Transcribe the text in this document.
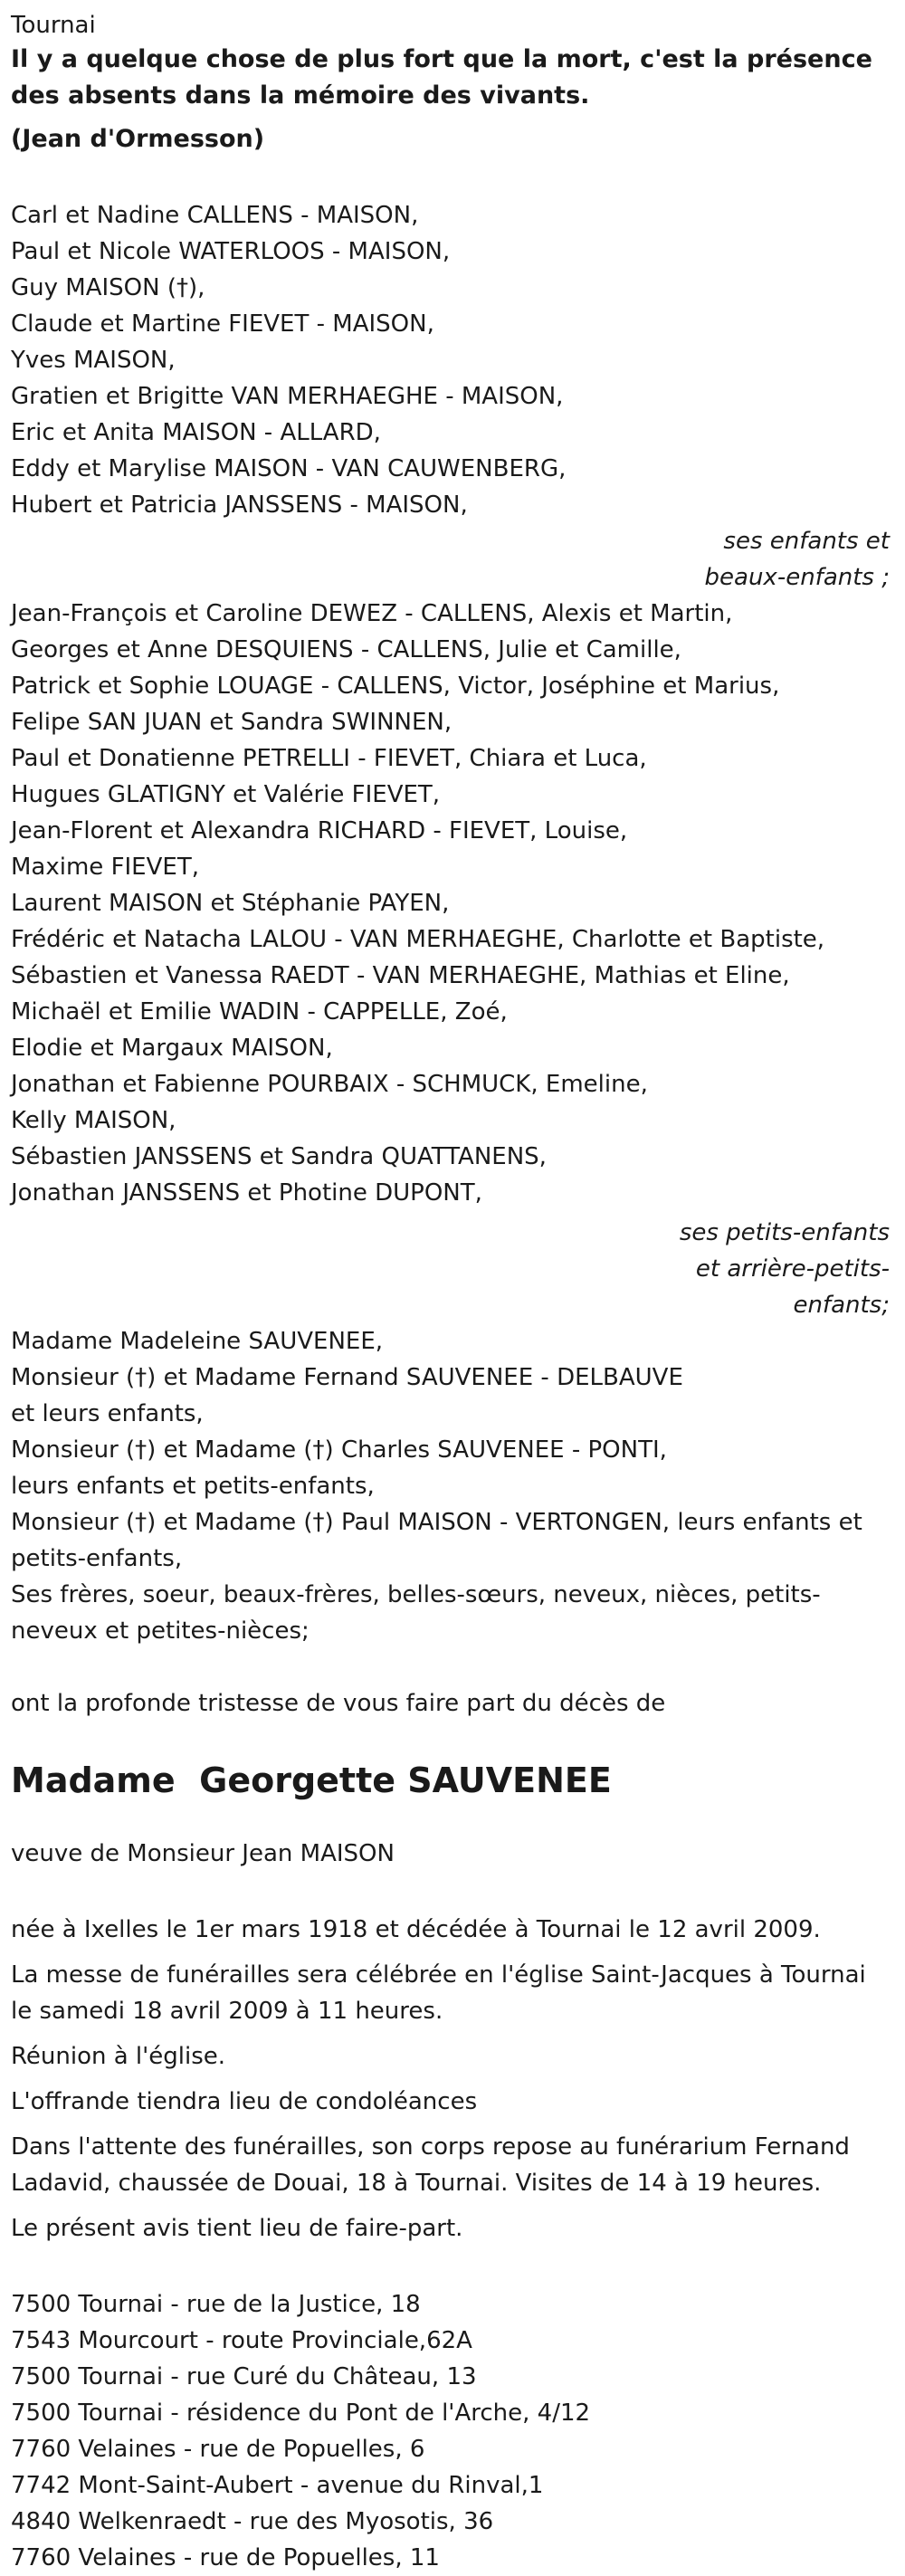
Tournai
Il y a quelque chose de plus fort que la mort, c'est la présence des absents dans la mémoire des vivants.
(Jean d'Ormesson)
Carl et Nadine CALLENS - MAISON,
Paul et Nicole WATERLOOS - MAISON,
Guy MAISON (†),
Claude et Martine FIEVET - MAISON,
Yves MAISON,
Gratien et Brigitte VAN MERHAEGHE - MAISON,
Eric et Anita MAISON - ALLARD,
Eddy et Marylise MAISON - VAN CAUWENBERG,
Hubert et Patricia JANSSENS - MAISON,
ses enfants et
beaux-enfants ;
Jean-François et Caroline DEWEZ - CALLENS, Alexis et Martin,
Georges et Anne DESQUIENS - CALLENS, Julie et Camille,
Patrick et Sophie LOUAGE - CALLENS, Victor, Joséphine et Marius,
Felipe SAN JUAN et Sandra SWINNEN,
Paul et Donatienne PETRELLI - FIEVET, Chiara et Luca,
Hugues GLATIGNY et Valérie FIEVET,
Jean-Florent et Alexandra RICHARD - FIEVET, Louise,
Maxime FIEVET,
Laurent MAISON et Stéphanie PAYEN,
Frédéric et Natacha LALOU - VAN MERHAEGHE, Charlotte et Baptiste,
Sébastien et Vanessa RAEDT - VAN MERHAEGHE, Mathias et Eline,
Michaël et Emilie WADIN - CAPPELLE, Zoé,
Elodie et Margaux MAISON,
Jonathan et Fabienne POURBAIX - SCHMUCK, Emeline,
Kelly MAISON,
Sébastien JANSSENS et Sandra QUATTANENS,
Jonathan JANSSENS et Photine DUPONT,
ses petits-enfants
et arrière-petits-
enfants;
Madame Madeleine SAUVENEE,
Monsieur (†) et Madame Fernand SAUVENEE - DELBAUVE
et leurs enfants,
Monsieur (†) et Madame (†) Charles SAUVENEE - PONTI,
leurs enfants et petits-enfants,
Monsieur (†) et Madame (†) Paul MAISON - VERTONGEN, leurs enfants et
petits-enfants,
Ses frères, soeur, beaux-frères, belles-sœurs, neveux, nièces, petits-
neveux et petites-nièces;
ont la profonde tristesse de vous faire part du décès de
Madame  Georgette SAUVENEE
veuve de Monsieur Jean MAISON
née à Ixelles le 1er mars 1918 et décédée à Tournai le 12 avril 2009.
La messe de funérailles sera célébrée en l'église Saint-Jacques à Tournai
le samedi 18 avril 2009 à 11 heures.
Réunion à l'église.
L'offrande tiendra lieu de condoléances
Dans l'attente des funérailles, son corps repose au funérarium Fernand
Ladavid, chaussée de Douai, 18 à Tournai. Visites de 14 à 19 heures.
Le présent avis tient lieu de faire-part.
7500 Tournai - rue de la Justice, 18
7543 Mourcourt - route Provinciale,62A
7500 Tournai - rue Curé du Château, 13
7500 Tournai - résidence du Pont de l'Arche, 4/12
7760 Velaines - rue de Popuelles, 6
7742 Mont-Saint-Aubert - avenue du Rinval,1
4840 Welkenraedt - rue des Myosotis, 36
7760 Velaines - rue de Popuelles, 11
